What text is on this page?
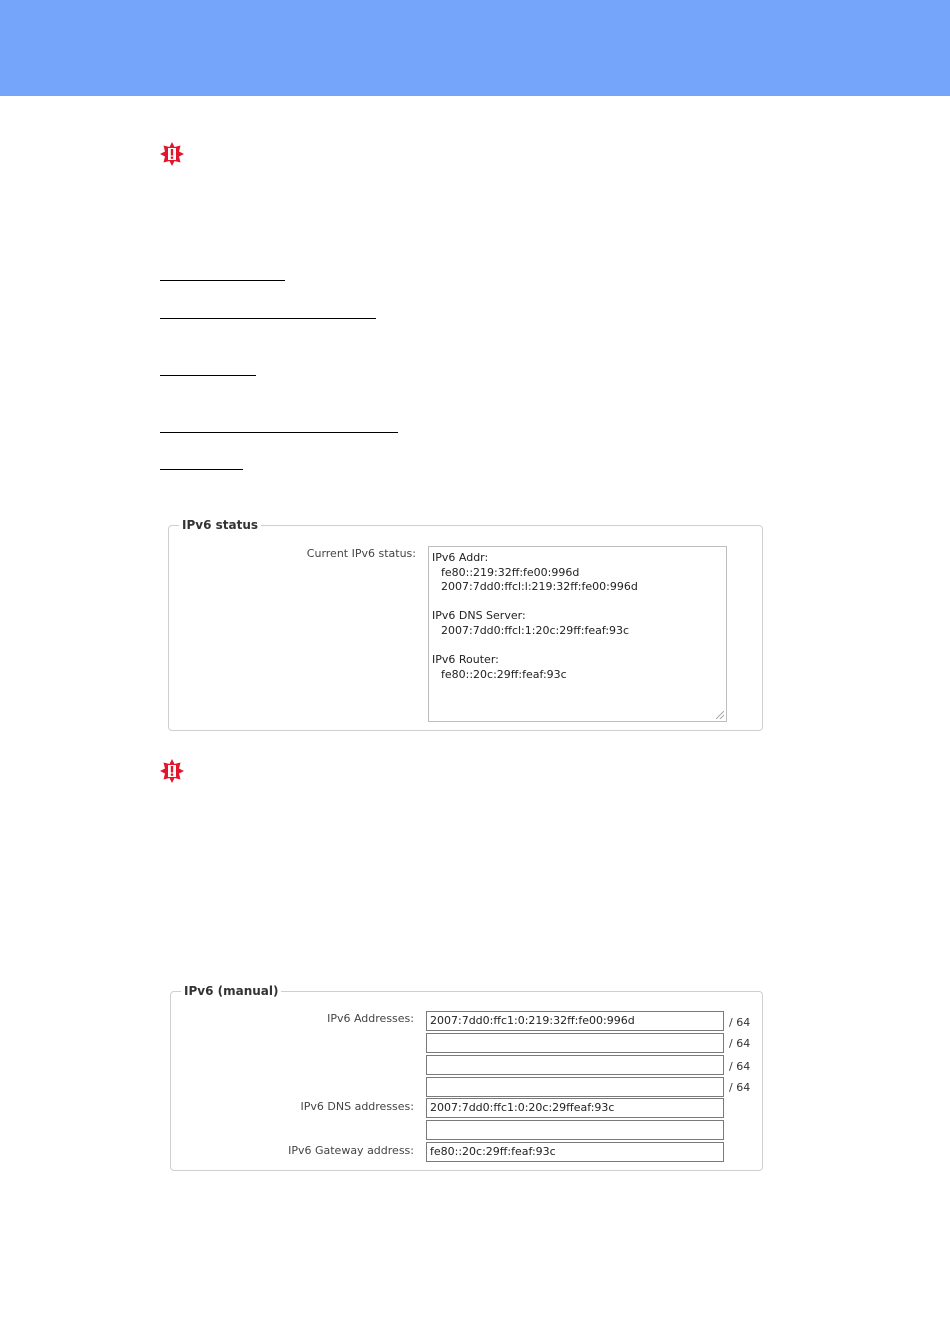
IPv6 status
Current IPv6 status: IPv6 Addr:
fe80::219:32ff:fe00:996d
2007:7dd0:ffcl:l:219:32ff:fe00:996d
IPv6 DNS Server:
2007:7dd0:ffcl:1:20c:29ff:feaf:93c
IPv6 Router:
fe80::20c:29ff:feaf:93c
IPv6 (manual)
IPv6 Addresses:	2007:7dd0:ffc1:0:219:32ff:fe00:996d	/ 64
/ 64
/ 64
/ 64
IPv6 DNS addresses:	2007:7dd0:ffc1:0:20c:29ffeaf:93c
IPv6 Gateway address:	fe80::20c:29ff:feaf:93c
